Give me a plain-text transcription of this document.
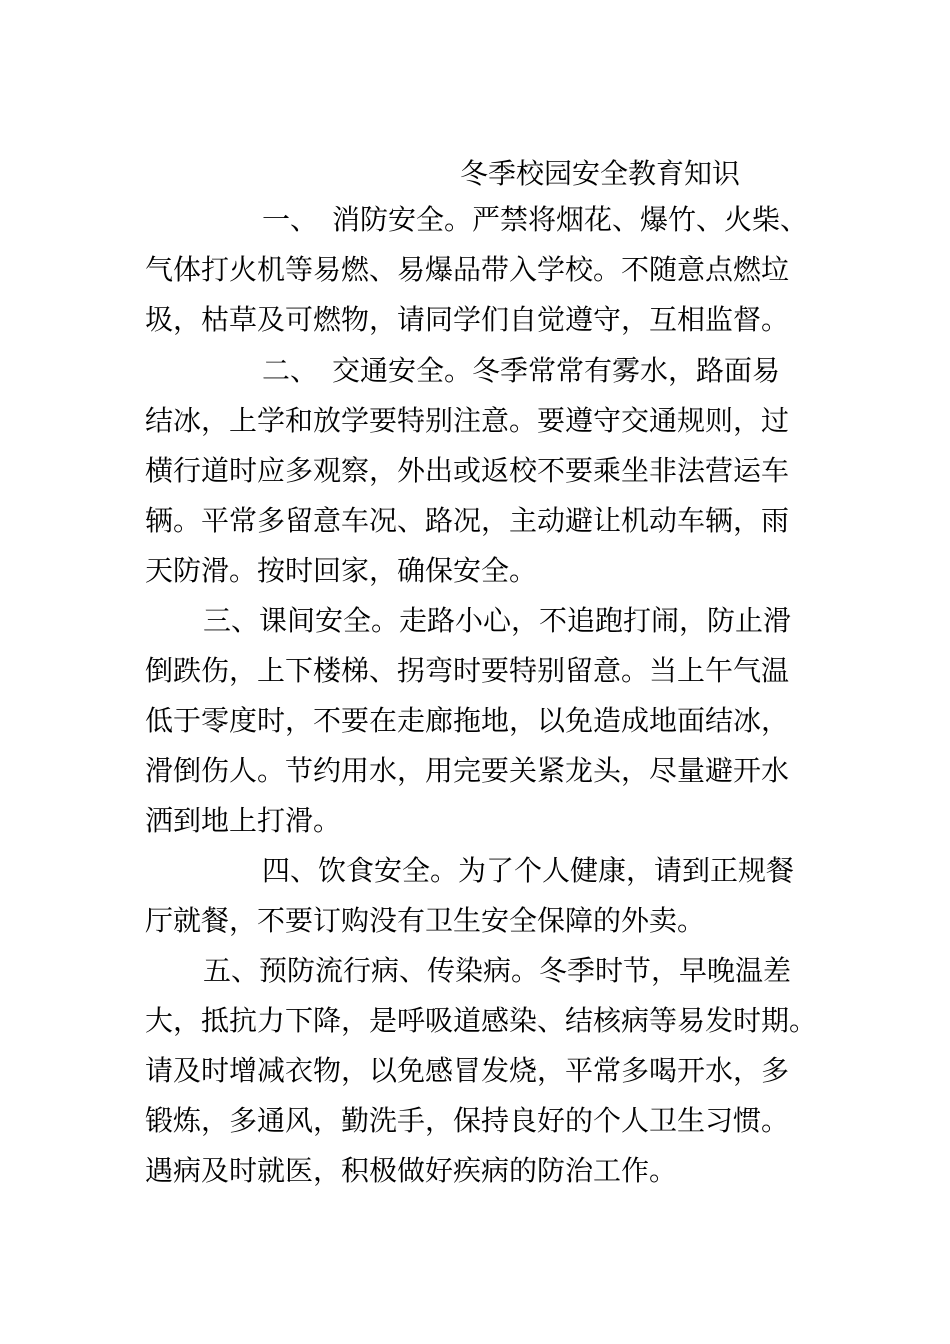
冬季校园安全教育知识

一、　消防安全。严禁将烟花、爆竹、火柴、

气体打火机等易燃、易爆品带入学校。不随意点燃垃

圾，枯草及可燃物，请同学们自觉遵守，互相监督。

二、　交通安全。冬季常常有雾水，路面易

结冰，上学和放学要特别注意。要遵守交通规则，过

横行道时应多观察，外出或返校不要乘坐非法营运车

辆。平常多留意车况、路况，主动避让机动车辆，雨

天防滑。按时回家，确保安全。

三、课间安全。走路小心，不追跑打闹，防止滑

倒跌伤，上下楼梯、拐弯时要特别留意。当上午气温

低于零度时，不要在走廊拖地，以免造成地面结冰，

滑倒伤人。节约用水，用完要关紧龙头，尽量避开水

洒到地上打滑。

四、饮食安全。为了个人健康，请到正规餐

厅就餐，不要订购没有卫生安全保障的外卖。

五、预防流行病、传染病。冬季时节，早晚温差

大，抵抗力下降，是呼吸道感染、结核病等易发时期。

请及时增减衣物，以免感冒发烧，平常多喝开水，多

锻炼，多通风，勤洗手，保持良好的个人卫生习惯。

遇病及时就医，积极做好疾病的防治工作。
